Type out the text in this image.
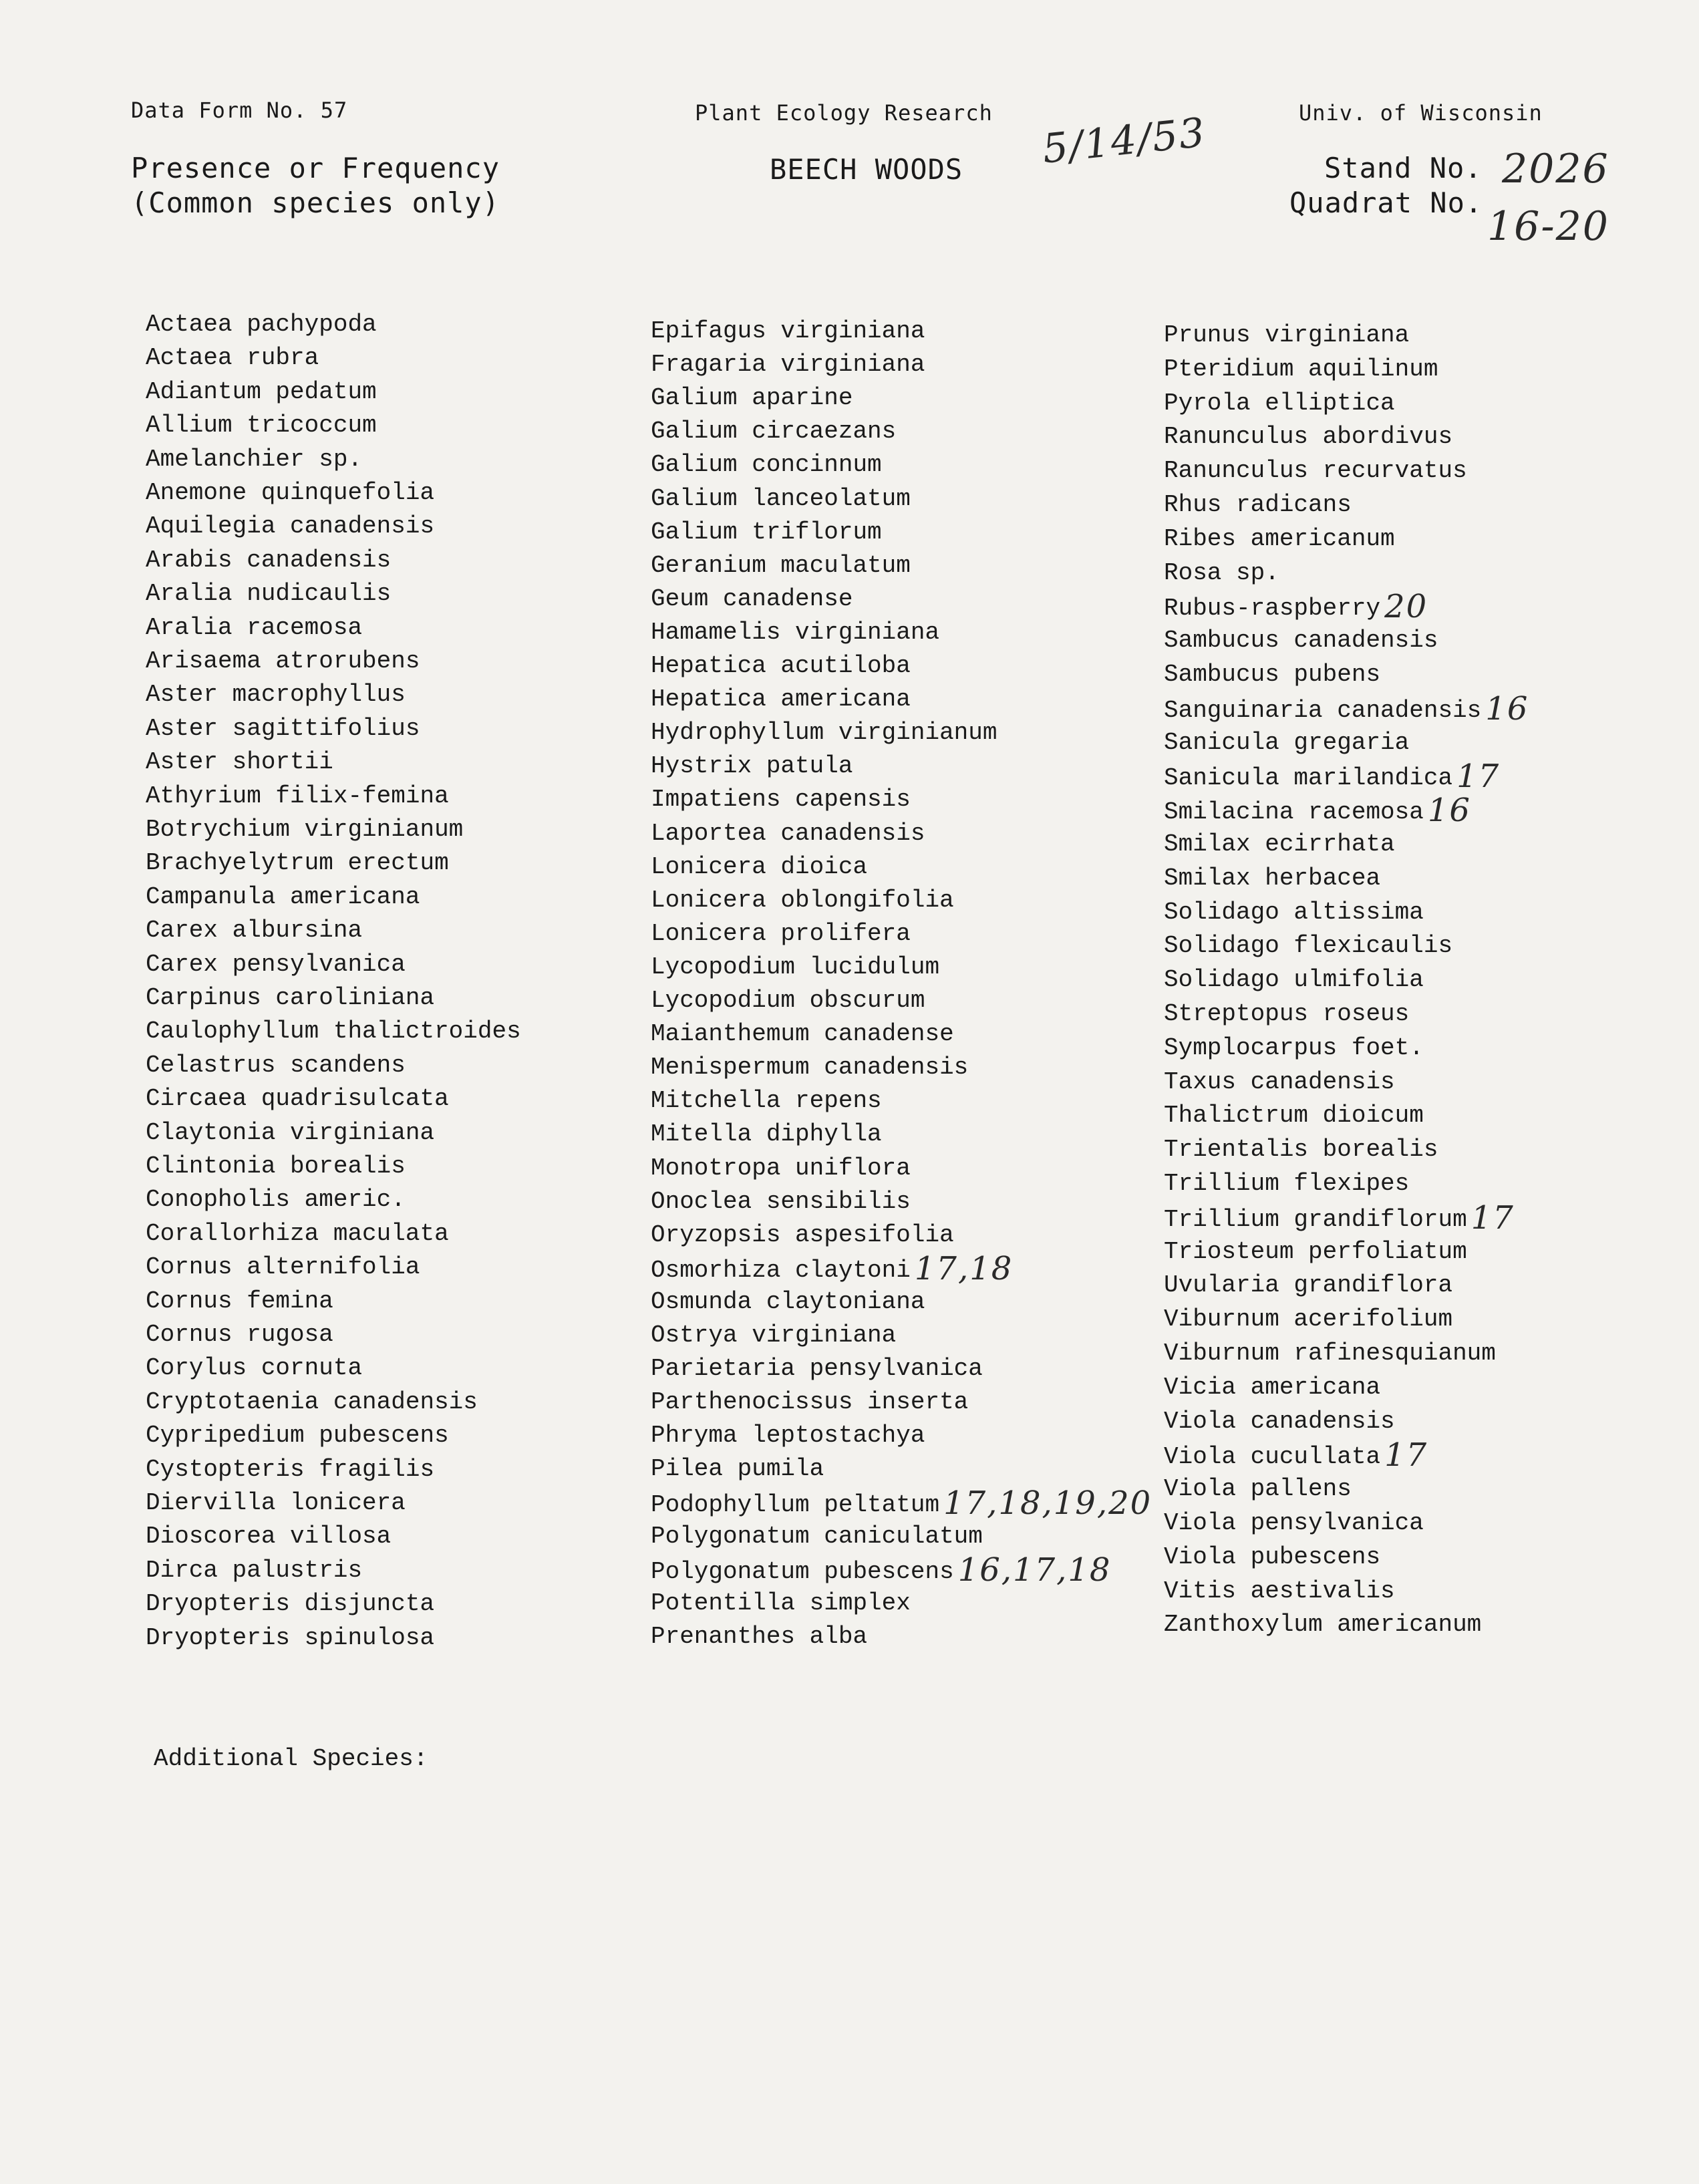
Data Form No. 57	Plant Ecology Research	Univ. of Wisconsin
Presence or Frequency
(Common species only)
BEECH WOODS 5/14/53	Stand No. 2026
Quadrat No.
16-20
Actaea pachypoda
Actaea rubra
Adiantum pedatum
Allium tricoccum
Amelanchier sp.
Anemone quinquefolia
Aquilegia canadensis
Arabis canadensis
Aralia nudicaulis
Aralia racemosa
Arisaema atrorubens
Aster macrophyllus
Aster sagittifolius
Aster shortii
Athyrium filix-femina
Botrychium virginianum
Brachyelytrum erectum
Campanula americana
Carex albursina
Carex pensylvanica
Carpinus caroliniana
Caulophyllum thalictroides
Celastrus scandens
Circaea quadrisulcata
Claytonia virginiana
Clintonia borealis
Conopholis americ.
Corallorhiza maculata
Cornus alternifolia
Cornus femina
Cornus rugosa
Corylus cornuta
Cryptotaenia canadensis
Cypripedium pubescens
Cystopteris fragilis
Diervilla lonicera
Dioscorea villosa
Dirca palustris
Dryopteris disjuncta
Dryopteris spinulosa
Epifagus virginiana
Fragaria virginiana
Galium aparine
Galium circaezans
Galium concinnum
Galium lanceolatum
Galium triflorum
Geranium maculatum
Geum canadense
Hamamelis virginiana
Hepatica acutiloba
Hepatica americana
Hydrophyllum virginianum
Hystrix patula
Impatiens capensis
Laportea canadensis
Lonicera dioica
Lonicera oblongifolia
Lonicera prolifera
Lycopodium lucidulum
Lycopodium obscurum
Maianthemum canadense
Menispermum canadensis
Mitchella repens
Mitella diphylla
Monotropa uniflora
Onoclea sensibilis
Oryzopsis aspesifolia
Osmorhiza claytoni 17,18
Osmunda claytoniana
Ostrya virginiana
Parietaria pensylvanica
Parthenocissus inserta
Phryma leptostachya
Pilea pumila
Podophyllum peltatum 17,18,19,20
Polygonatum caniculatum
Polygonatum pubescens 16,17,18
Potentilla simplex
Prenanthes alba
Prunus virginiana
Pteridium aquilinum
Pyrola elliptica
Ranunculus abordivus
Ranunculus recurvatus
Rhus radicans
Ribes americanum
Rosa sp.
Rubus-raspberry 20
Sambucus canadensis
Sambucus pubens
Sanguinaria canadensis 16
Sanicula gregaria
Sanicula marilandica 17
Smilacina racemosa 16
Smilax ecirrhata
Smilax herbacea
Solidago altissima
Solidago flexicaulis
Solidago ulmifolia
Streptopus roseus
Symplocarpus foet.
Taxus canadensis
Thalictrum dioicum
Trientalis borealis
Trillium flexipes
Trillium grandiflorum 17
Triosteum perfoliatum
Uvularia grandiflora
Viburnum acerifolium
Viburnum rafinesquianum
Vicia americana
Viola canadensis
Viola cucullata 17
Viola pallens
Viola pensylvanica
Viola pubescens
Vitis aestivalis
Zanthoxylum americanum
Additional Species:
